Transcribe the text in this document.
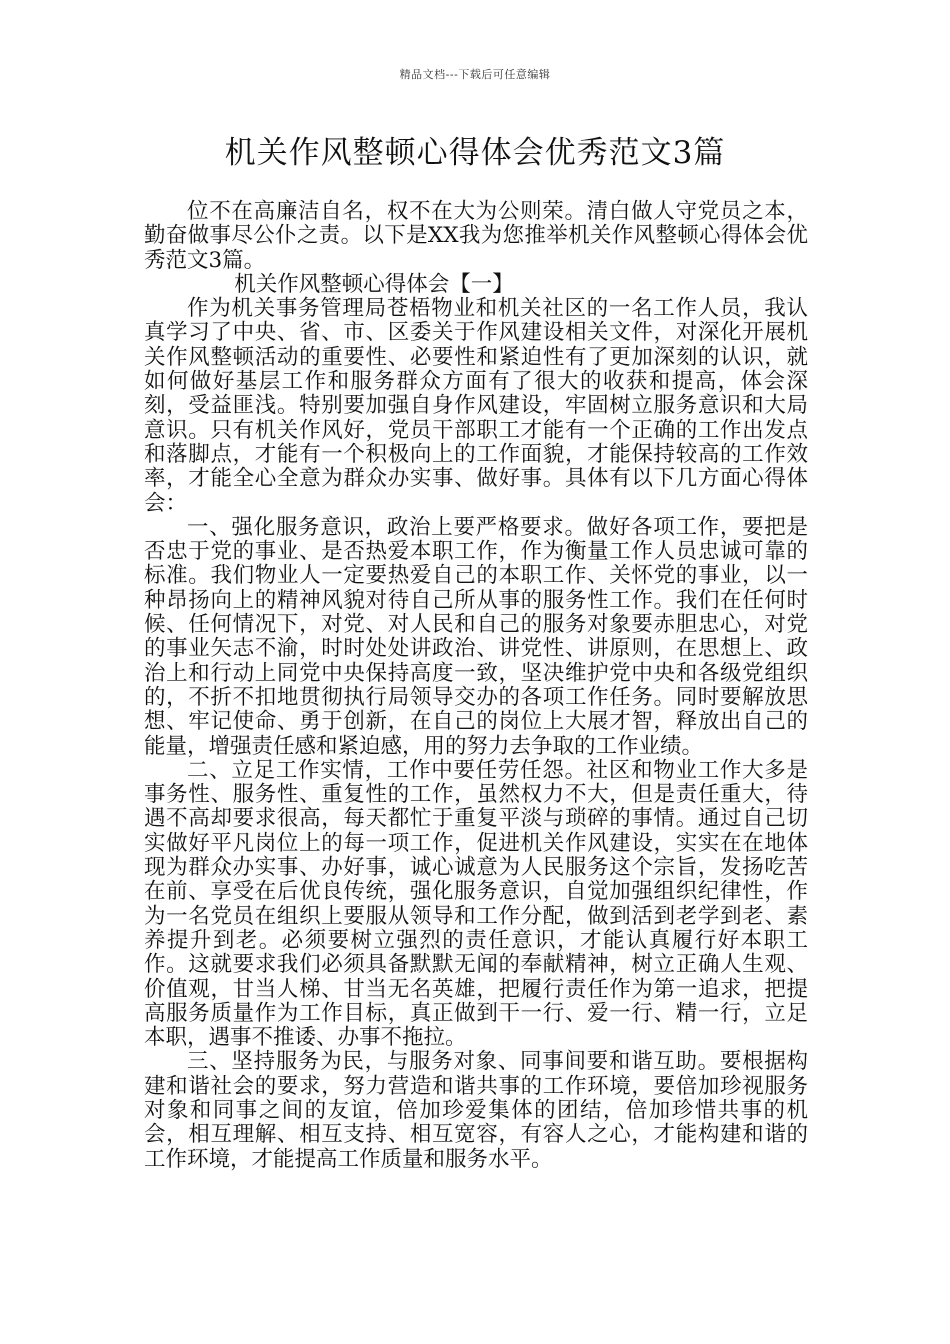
精品文档---下载后可任意编辑
机关作风整顿心得体会优秀范文3篇

位不在高廉洁自名，权不在大为公则荣。清白做人守党员之本，勤奋做事尽公仆之责。以下是XX我为您推举机关作风整顿心得体会优秀范文3篇。

机关作风整顿心得体会【一】

作为机关事务管理局苍梧物业和机关社区的一名工作人员，我认真学习了中央、省、市、区委关于作风建设相关文件，对深化开展机关作风整顿活动的重要性、必要性和紧迫性有了更加深刻的认识，就如何做好基层工作和服务群众方面有了很大的收获和提高，体会深刻，受益匪浅。特别要加强自身作风建设，牢固树立服务意识和大局意识。只有机关作风好，党员干部职工才能有一个正确的工作出发点和落脚点，才能有一个积极向上的工作面貌，才能保持较高的工作效率，才能全心全意为群众办实事、做好事。具体有以下几方面心得体会：

一、强化服务意识，政治上要严格要求。做好各项工作，要把是否忠于党的事业、是否热爱本职工作，作为衡量工作人员忠诚可靠的标准。我们物业人一定要热爱自己的本职工作、关怀党的事业，以一种昂扬向上的精神风貌对待自己所从事的服务性工作。我们在任何时候、任何情况下，对党、对人民和自己的服务对象要赤胆忠心，对党的事业矢志不渝，时时处处讲政治、讲党性、讲原则，在思想上、政治上和行动上同党中央保持高度一致，坚决维护党中央和各级党组织的，不折不扣地贯彻执行局领导交办的各项工作任务。同时要解放思想、牢记使命、勇于创新，在自己的岗位上大展才智，释放出自己的能量，增强责任感和紧迫感，用的努力去争取的工作业绩。

二、立足工作实情，工作中要任劳任怨。社区和物业工作大多是事务性、服务性、重复性的工作，虽然权力不大，但是责任重大，待遇不高却要求很高，每天都忙于重复平淡与琐碎的事情。通过自己切实做好平凡岗位上的每一项工作，促进机关作风建设，实实在在地体现为群众办实事、办好事，诚心诚意为人民服务这个宗旨，发扬吃苦在前、享受在后优良传统，强化服务意识，自觉加强组织纪律性，作为一名党员在组织上要服从领导和工作分配，做到活到老学到老、素养提升到老。必须要树立强烈的责任意识，才能认真履行好本职工作。这就要求我们必须具备默默无闻的奉献精神，树立正确人生观、价值观，甘当人梯、甘当无名英雄，把履行责任作为第一追求，把提高服务质量作为工作目标，真正做到干一行、爱一行、精一行，立足本职，遇事不推诿、办事不拖拉。

三、坚持服务为民，与服务对象、同事间要和谐互助。要根据构建和谐社会的要求，努力营造和谐共事的工作环境，要倍加珍视服务对象和同事之间的友谊，倍加珍爱集体的团结，倍加珍惜共事的机会，相互理解、相互支持、相互宽容，有容人之心，才能构建和谐的工作环境，才能提高工作质量和服务水平。
